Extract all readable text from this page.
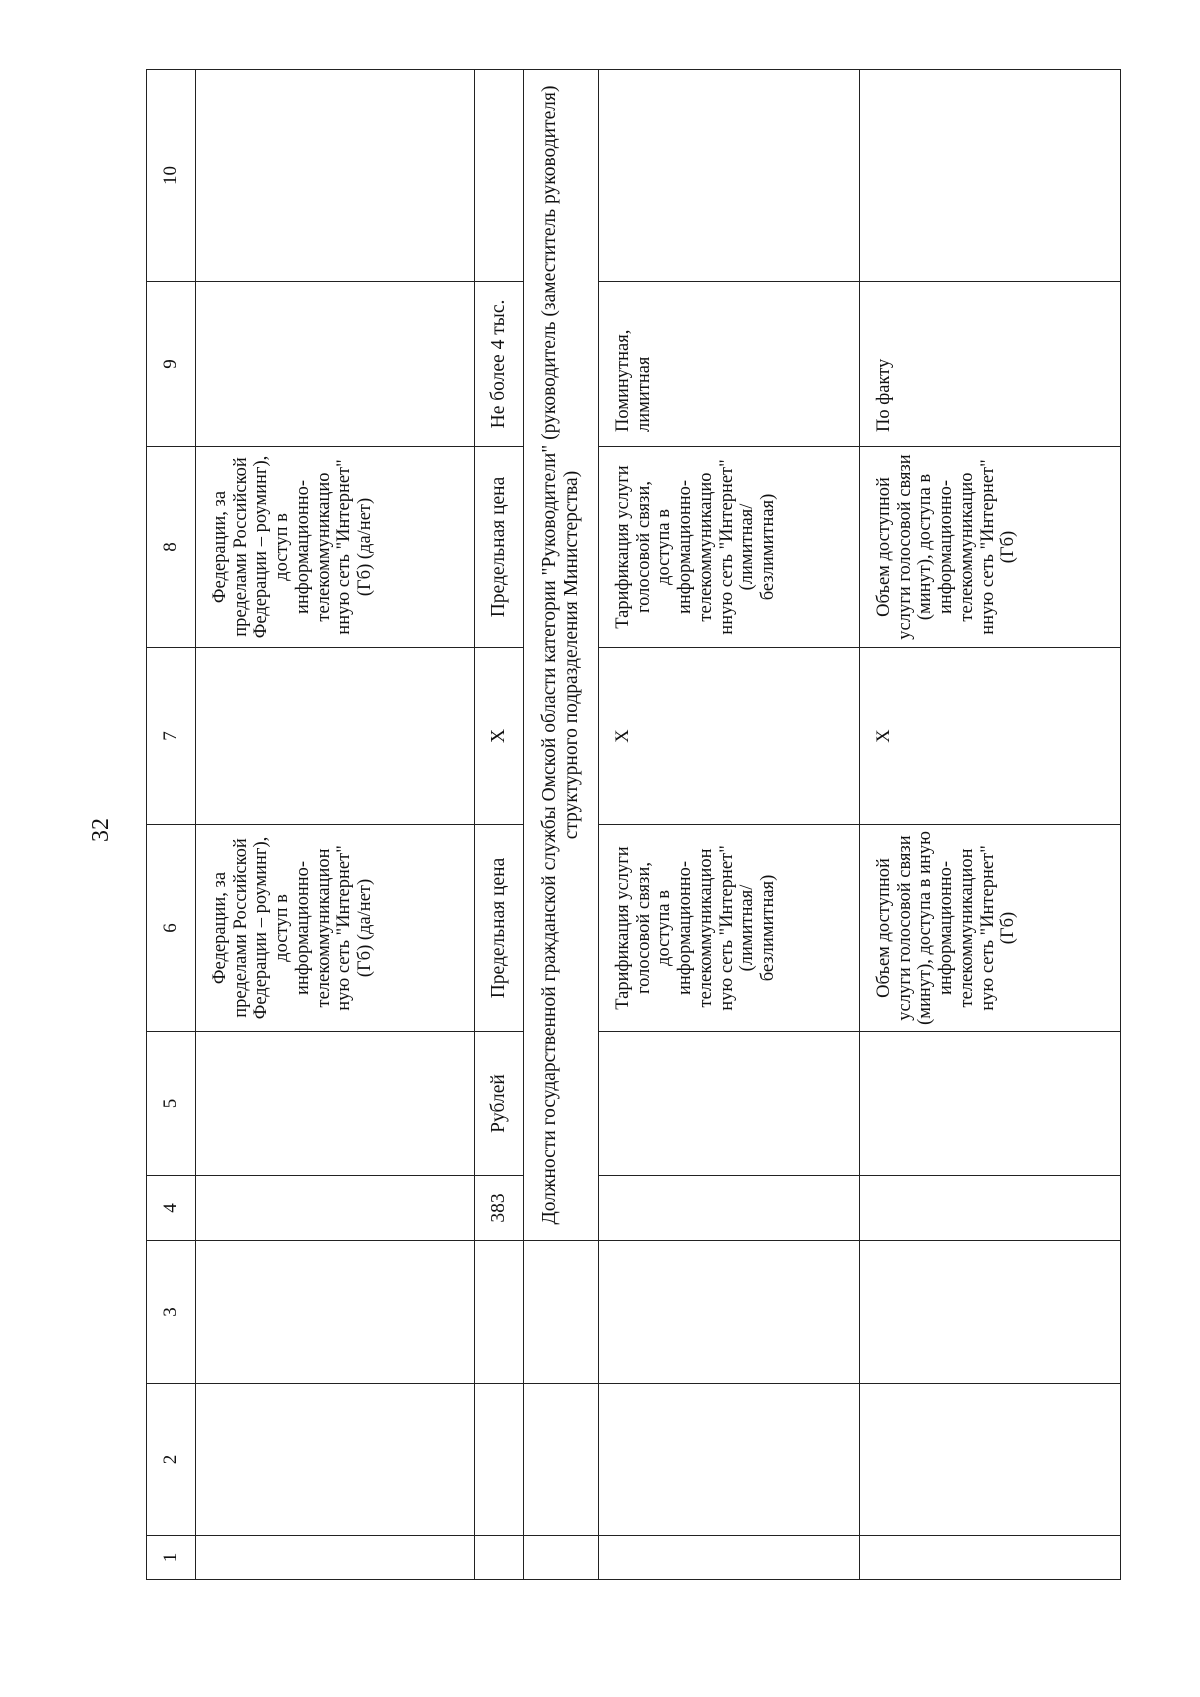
32
1	2	3	4	5	6	7	8	9	10
					Федерации, за пределами Российской Федерации – роуминг), доступ в информационно-телекоммуникацион ную сеть "Интернет" (Гб) (да/нет)		Федерации, за пределами Российской Федерации – роуминг), доступ в информационно-телекоммуникацио нную сеть "Интернет" (Гб) (да/нет)		
			383	Рублей	Предельная цена	Х	Предельная цена	Не более 4 тыс.	
			Должности государственной гражданской службы Омской области категории "Руководители" (руководитель (заместитель руководителя) структурного подразделения Министерства)						
					Тарификация услуги голосовой связи, доступа в информационно-телекоммуникацион ную сеть "Интернет" (лимитная/ безлимитная)	Х	Тарификация услуги голосовой связи, доступа в информационно-телекоммуникацио нную сеть "Интернет" (лимитная/ безлимитная)	Поминутная, лимитная	
					Объем доступной услуги голосовой связи (минут), доступа в иную информационно-телекоммуникацион ную сеть "Интернет" (Гб)	Х	Объем доступной услуги голосовой связи (минут), доступа в информационно-телекоммуникацио нную сеть "Интернет" (Гб)	По факту	
